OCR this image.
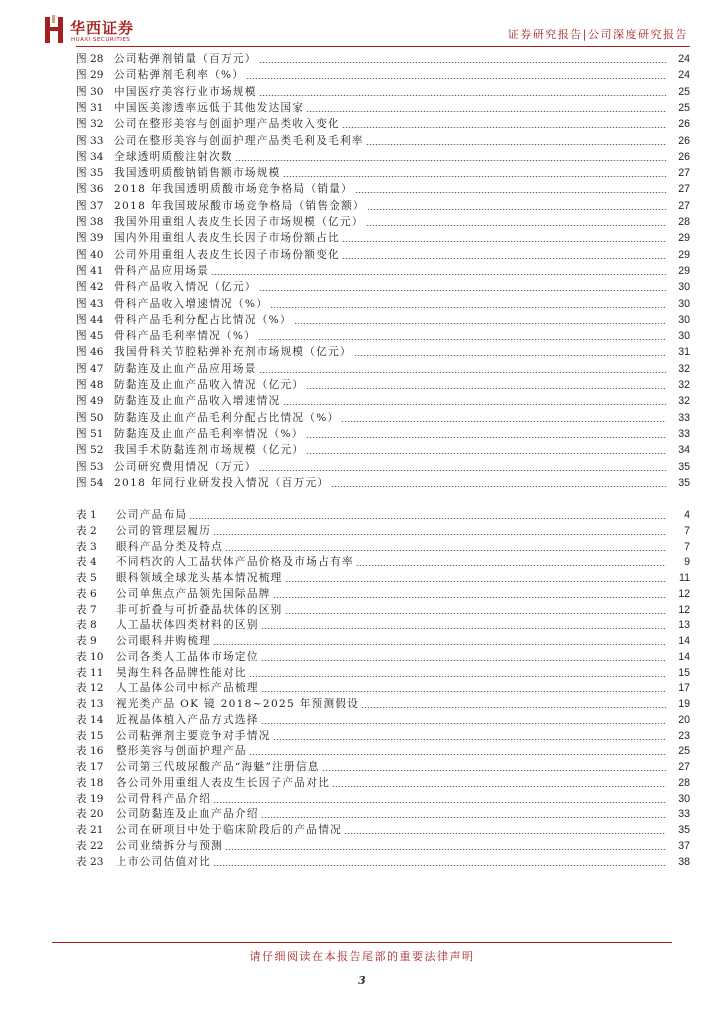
华西证券
HUAXI SECURITIES	证券研究报告|公司深度研究报告
图 28 公司粘弹剂销量（百万元）	24
图 29 公司粘弹剂毛利率（%）	24
图 30 中国医疗美容行业市场规模	25
图 31 中国医美渗透率远低于其他发达国家	25
图 32 公司在整形美容与创面护理产品类收入变化	26
图 33 公司在整形美容与创面护理产品类毛利及毛利率	26
图 34 全球透明质酸注射次数	26
图 35 我国透明质酸钠销售额市场规模	27
图 36 2018 年我国透明质酸市场竞争格局（销量）	27
图 37 2018 年我国玻尿酸市场竞争格局（销售金额）	27
图 38 我国外用重组人表皮生长因子市场规模（亿元）	28
图 39 国内外用重组人表皮生长因子市场份额占比	29
图 40 公司外用重组人表皮生长因子市场份额变化	29
图 41 骨科产品应用场景	29
图 42 骨科产品收入情况（亿元）	30
图 43 骨科产品收入增速情况（%）	30
图 44 骨科产品毛利分配占比情况（%）	30
图 45 骨科产品毛利率情况（%）	30
图 46 我国骨科关节腔粘弹补充剂市场规模（亿元）	31
图 47 防黏连及止血产品应用场景	32
图 48 防黏连及止血产品收入情况（亿元）	32
图 49 防黏连及止血产品收入增速情况	32
图 50 防黏连及止血产品毛利分配占比情况（%）	33
图 51 防黏连及止血产品毛利率情况（%）	33
图 52 我国手术防黏连剂市场规模（亿元）	34
图 53 公司研究费用情况（万元）	35
图 54 2018 年同行业研发投入情况（百万元）	35
表 1 公司产品布局	4
表 2 公司的管理层履历	7
表 3 眼科产品分类及特点	7
表 4 不同档次的人工晶状体产品价格及市场占有率	9
表 5 眼科领域全球龙头基本情况梳理	11
表 6 公司单焦点产品领先国际品牌	12
表 7 非可折叠与可折叠晶状体的区别	12
表 8 人工晶状体四类材料的区别	13
表 9 公司眼科并购梳理	14
表 10 公司各类人工晶体市场定位	14
表 11 昊海生科各品牌性能对比	15
表 12 人工晶体公司中标产品梳理	17
表 13 视光类产品 OK 镜 2018~2025 年预测假设	19
表 14 近视晶体植入产品方式选择	20
表 15 公司粘弹剂主要竞争对手情况	23
表 16 整形美容与创面护理产品	25
表 17 公司第三代玻尿酸产品“海魅”注册信息	27
表 18 各公司外用重组人表皮生长因子产品对比	28
表 19 公司骨科产品介绍	30
表 20 公司防黏连及止血产品介绍	33
表 21 公司在研项目中处于临床阶段后的产品情况	35
表 22 公司业绩拆分与预测	37
表 23 上市公司估值对比	38
请仔细阅读在本报告尾部的重要法律声明
3
